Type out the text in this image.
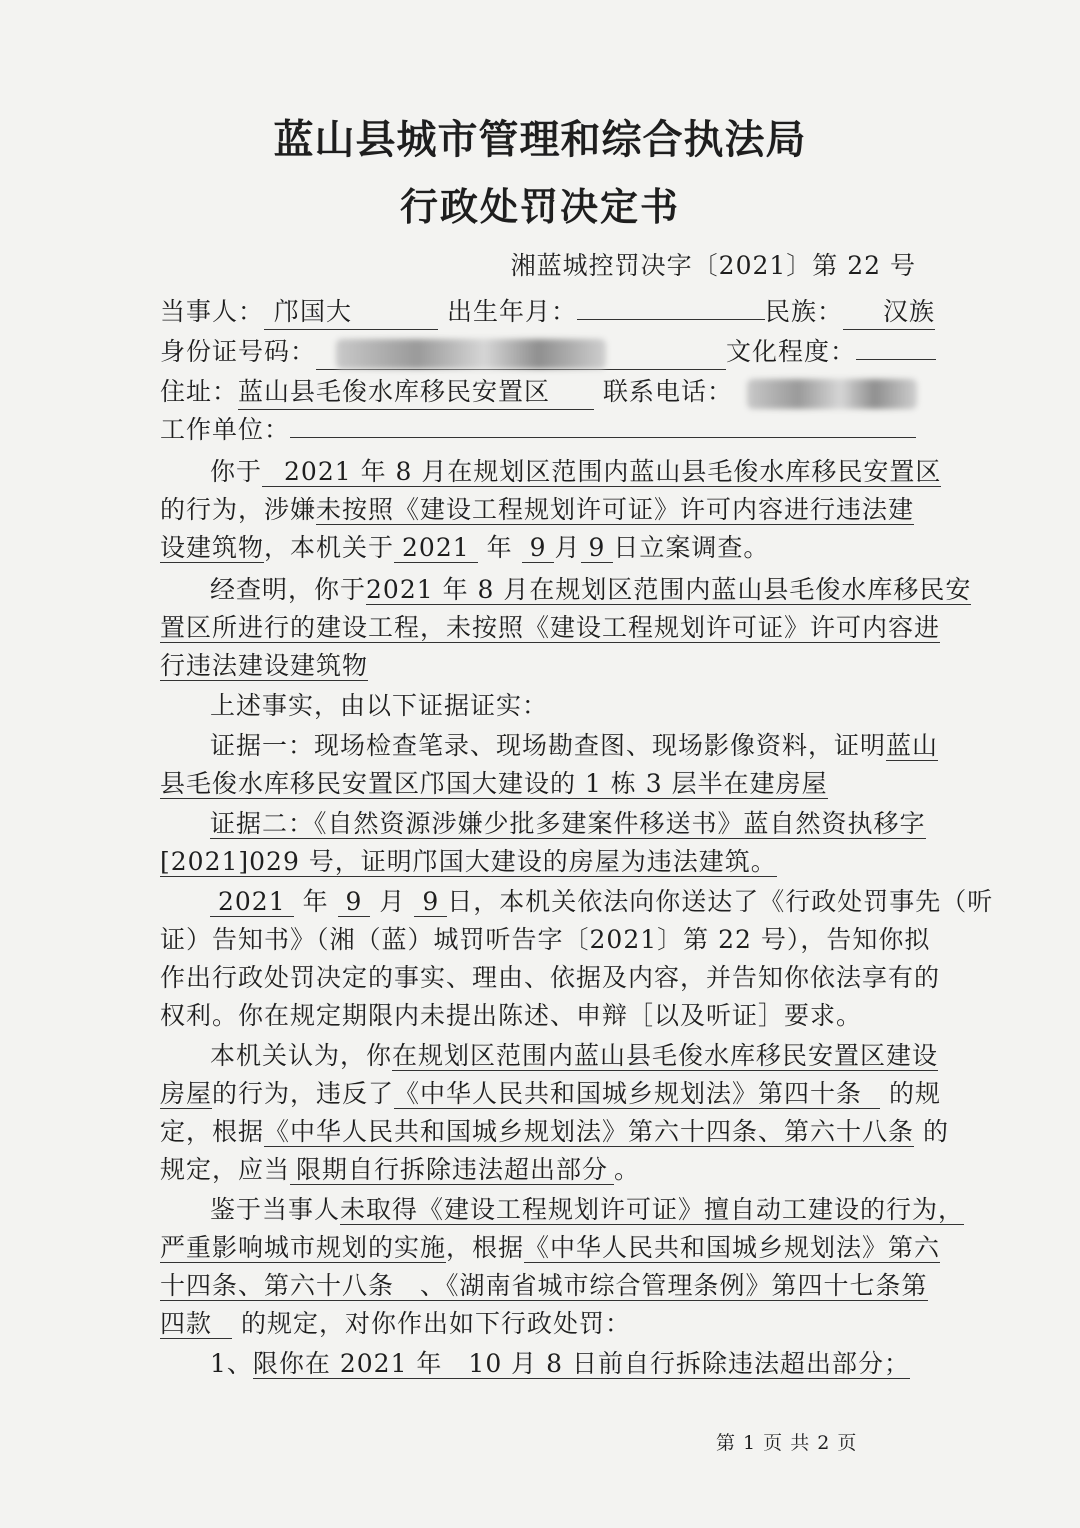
蓝山县城市管理和综合执法局
行政处罚决定书
湘蓝城控罚决字〔2021〕第 22 号
当事人： 邝国大	出生年月：	民族： 汉族
身份证号码：	文化程度：
住址：蓝山县毛俊水库移民安置区 联系电话：
工作单位：
你于 2021 年 8 月在规划区范围内蓝山县毛俊水库移民安置区
的行为，涉嫌未按照《建设工程规划许可证》许可内容进行违法建
设建筑物，本机关于 2021 年 9 月 9 日立案调查。
经查明，你于2021 年 8 月在规划区范围内蓝山县毛俊水库移民安
置区所进行的建设工程，未按照《建设工程规划许可证》许可内容进
行违法建设建筑物
上述事实，由以下证据证实：
证据一：现场检查笔录、现场勘查图、现场影像资料，证明蓝山
县毛俊水库移民安置区邝国大建设的 1 栋 3 层半在建房屋
证据二：《自然资源涉嫌少批多建案件移送书》蓝自然资执移字
[2021]029 号，证明邝国大建设的房屋为违法建筑。
2021 年 9 月 9 日，本机关依法向你送达了《行政处罚事先（听
证）告知书》（湘（蓝）城罚听告字〔2021〕第 22 号），告知你拟
作出行政处罚决定的事实、理由、依据及内容，并告知你依法享有的
权利。你在规定期限内未提出陈述、申辩［以及听证］要求。
本机关认为，你在规划区范围内蓝山县毛俊水库移民安置区建设
房屋的行为，违反了《中华人民共和国城乡规划法》第四十条 的规
定，根据《中华人民共和国城乡规划法》第六十四条、第六十八条 的
规定，应当 限期自行拆除违法超出部分 。
鉴于当事人未取得《建设工程规划许可证》擅自动工建设的行为，
严重影响城市规划的实施，根据《中华人民共和国城乡规划法》第六
十四条、第六十八条　、《湖南省城市综合管理条例》第四十七条第
四款 的规定，对你作出如下行政处罚：
1、限你在 2021 年　10 月 8 日前自行拆除违法超出部分；
第 1 页 共 2 页
